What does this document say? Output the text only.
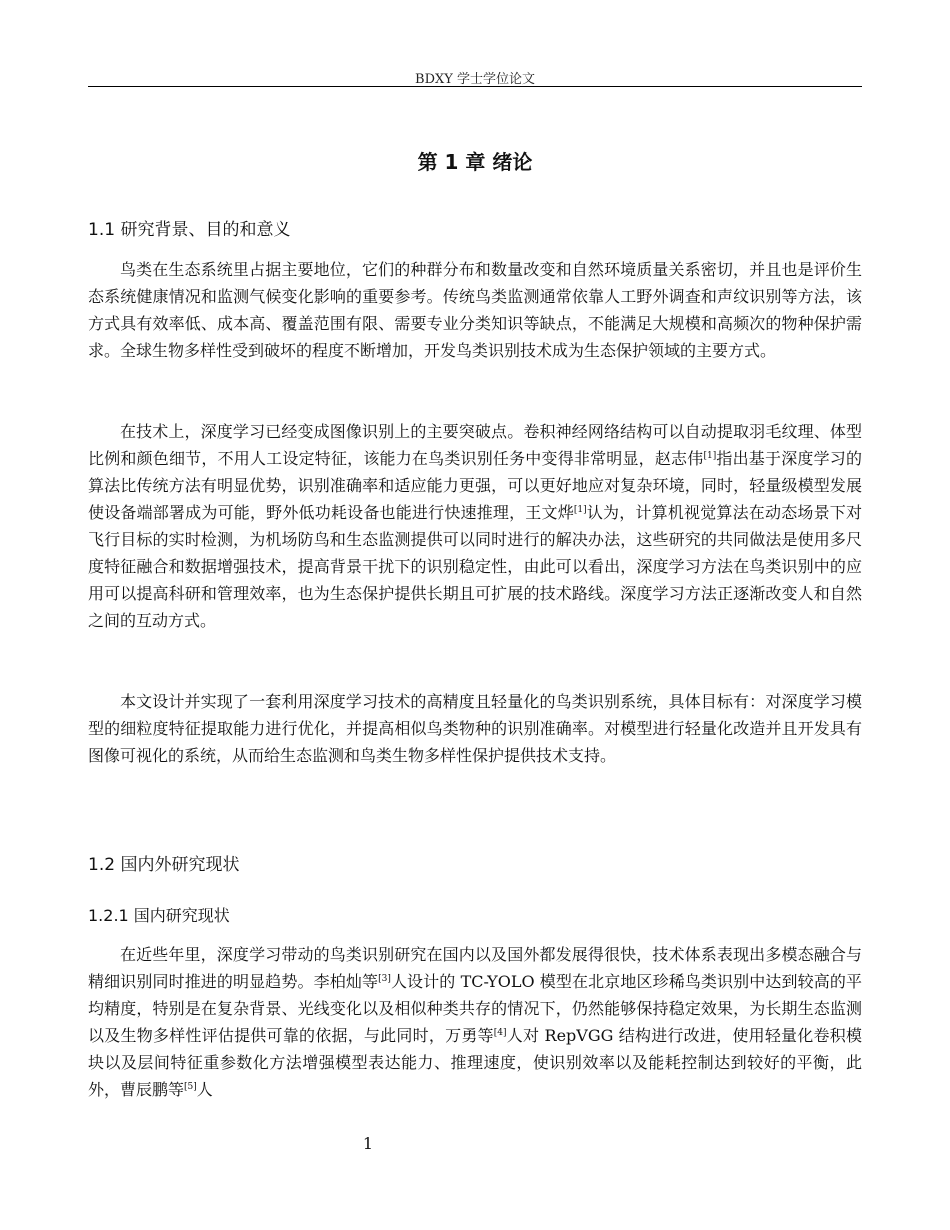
BDXY 学士学位论文
第 1 章 绪论
1.1 研究背景、目的和意义

鸟类在生态系统里占据主要地位，它们的种群分布和数量改变和自然环境质量关系密切，并且也是评价生态系统健康情况和监测气候变化影响的重要参考。传统鸟类监测通常依靠人工野外调查和声纹识别等方法，该方式具有效率低、成本高、覆盖范围有限、需要专业分类知识等缺点，不能满足大规模和高频次的物种保护需求。全球生物多样性受到破坏的程度不断增加，开发鸟类识别技术成为生态保护领域的主要方式。

在技术上，深度学习已经变成图像识别上的主要突破点。卷积神经网络结构可以自动提取羽毛纹理、体型比例和颜色细节，不用人工设定特征，该能力在鸟类识别任务中变得非常明显，赵志伟[1]指出基于深度学习的算法比传统方法有明显优势，识别准确率和适应能力更强，可以更好地应对复杂环境，同时，轻量级模型发展使设备端部署成为可能，野外低功耗设备也能进行快速推理，王文烨[1]认为，计算机视觉算法在动态场景下对飞行目标的实时检测，为机场防鸟和生态监测提供可以同时进行的解决办法，这些研究的共同做法是使用多尺度特征融合和数据增强技术，提高背景干扰下的识别稳定性，由此可以看出，深度学习方法在鸟类识别中的应用可以提高科研和管理效率，也为生态保护提供长期且可扩展的技术路线。深度学习方法正逐渐改变人和自然之间的互动方式。

本文设计并实现了一套利用深度学习技术的高精度且轻量化的鸟类识别系统，具体目标有：对深度学习模型的细粒度特征提取能力进行优化，并提高相似鸟类物种的识别准确率。对模型进行轻量化改造并且开发具有图像可视化的系统，从而给生态监测和鸟类生物多样性保护提供技术支持。

1.2 国内外研究现状
1.2.1 国内研究现状

在近些年里，深度学习带动的鸟类识别研究在国内以及国外都发展得很快，技术体系表现出多模态融合与精细识别同时推进的明显趋势。李柏灿等[3]人设计的 TC-YOLO 模型在北京地区珍稀鸟类识别中达到较高的平均精度，特别是在复杂背景、光线变化以及相似种类共存的情况下，仍然能够保持稳定效果，为长期生态监测以及生物多样性评估提供可靠的依据，与此同时，万勇等[4]人对 RepVGG 结构进行改进，使用轻量化卷积模块以及层间特征重参数化方法增强模型表达能力、推理速度，使识别效率以及能耗控制达到较好的平衡，此外，曹辰鹏等[5]人

1
